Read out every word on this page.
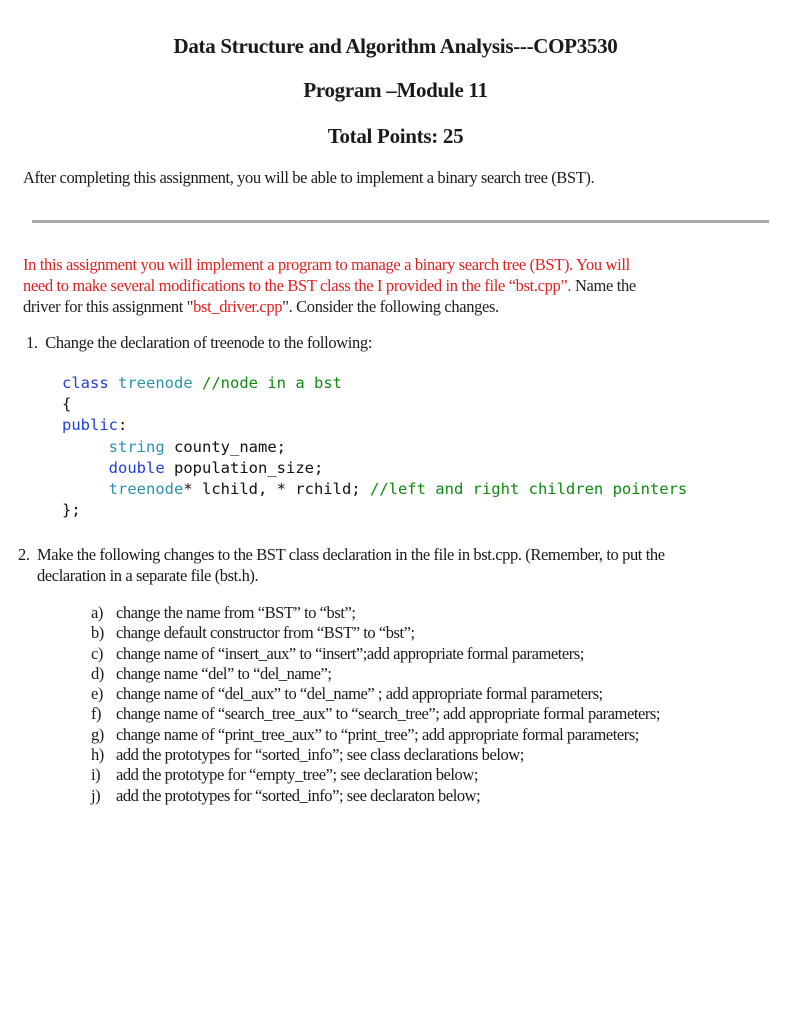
Data Structure and Algorithm Analysis---COP3530
Program –Module 11
Total Points: 25
After completing this assignment, you will be able to implement a binary search tree (BST).
In this assignment you will implement a program to manage a binary search tree (BST). You will
need to make several modifications to the BST class the I provided in the file “bst.cpp”. Name the
driver for this assignment "bst_driver.cpp". Consider the following changes.
1. Change the declaration of treenode to the following:
class treenode //node in a bst
{
public:
string county_name;
double population_size;
treenode* lchild, * rchild; //left and right children pointers
};
2. Make the following changes to the BST class declaration in the file in bst.cpp. (Remember, to put the
declaration in a separate file (bst.h).
a) change the name from “BST” to “bst”;
b) change default constructor from “BST” to “bst”;
c) change name of “insert_aux” to “insert”;add appropriate formal parameters;
d) change name “del” to “del_name”;
e) change name of “del_aux” to “del_name” ; add appropriate formal parameters;
f) change name of “search_tree_aux” to “search_tree”; add appropriate formal parameters;
g) change name of “print_tree_aux” to “print_tree”; add appropriate formal parameters;
h) add the prototypes for “sorted_info”; see class declarations below;
i) add the prototype for “empty_tree”; see declaration below;
j) add the prototypes for “sorted_info”; see declaraton below;
